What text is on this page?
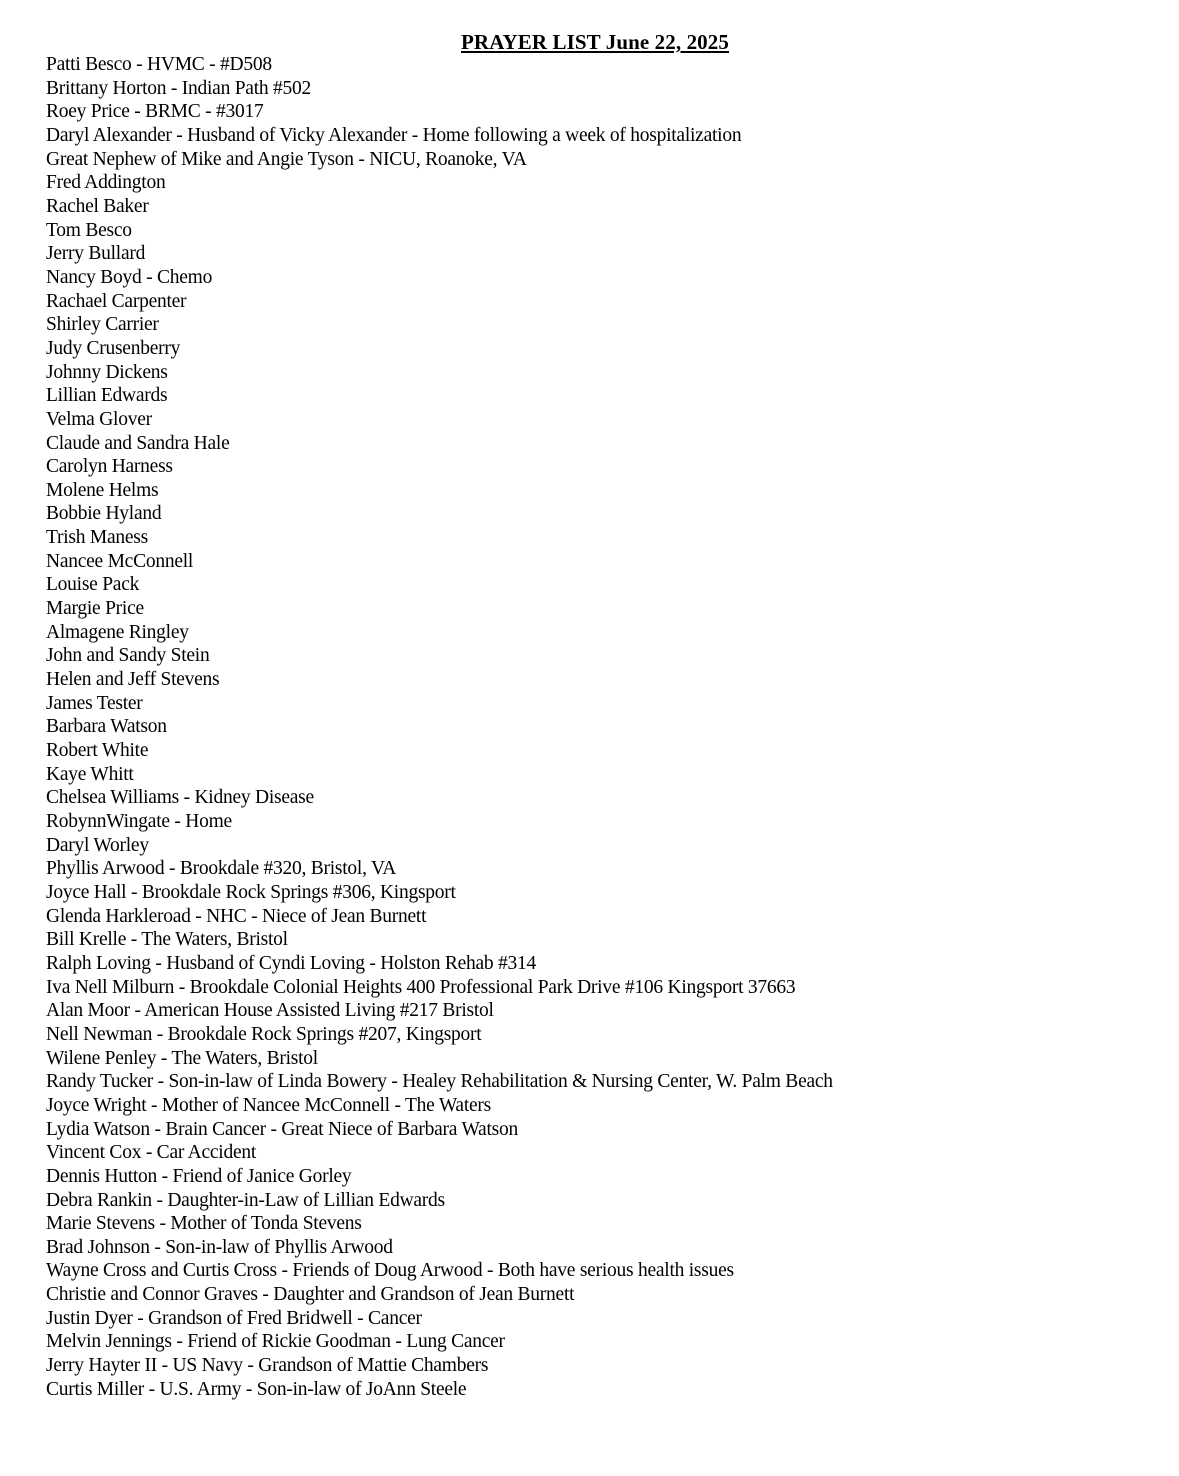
PRAYER LIST June 22, 2025
Patti Besco - HVMC - #D508
Brittany Horton - Indian Path #502
Roey Price - BRMC - #3017
Daryl Alexander - Husband of Vicky Alexander - Home following a week of hospitalization
Great Nephew of Mike and Angie Tyson - NICU, Roanoke, VA
Fred Addington
Rachel Baker
Tom Besco
Jerry Bullard
Nancy Boyd - Chemo
Rachael Carpenter
Shirley Carrier
Judy Crusenberry
Johnny Dickens
Lillian Edwards
Velma Glover
Claude and Sandra Hale
Carolyn Harness
Molene Helms
Bobbie Hyland
Trish Maness
Nancee McConnell
Louise Pack
Margie Price
Almagene Ringley
John and Sandy Stein
Helen and Jeff Stevens
James Tester
Barbara Watson
Robert White
Kaye Whitt
Chelsea Williams - Kidney Disease
RobynnWingate - Home
Daryl Worley
Phyllis Arwood - Brookdale #320, Bristol, VA
Joyce Hall - Brookdale Rock Springs #306, Kingsport
Glenda Harkleroad - NHC - Niece of Jean Burnett
Bill Krelle - The Waters, Bristol
Ralph Loving - Husband of Cyndi Loving - Holston Rehab #314
Iva Nell Milburn - Brookdale Colonial Heights 400 Professional Park Drive #106 Kingsport 37663
Alan Moor - American House Assisted Living #217 Bristol
Nell Newman - Brookdale Rock Springs #207, Kingsport
Wilene Penley - The Waters, Bristol
Randy Tucker - Son-in-law of Linda Bowery - Healey Rehabilitation & Nursing Center, W. Palm Beach
Joyce Wright - Mother of Nancee McConnell - The Waters
Lydia Watson - Brain Cancer - Great Niece of Barbara Watson
Vincent Cox - Car Accident
Dennis Hutton - Friend of Janice Gorley
Debra Rankin - Daughter-in-Law of Lillian Edwards
Marie Stevens - Mother of Tonda Stevens
Brad Johnson - Son-in-law of Phyllis Arwood
Wayne Cross and Curtis Cross - Friends of Doug Arwood - Both have serious health issues
Christie and Connor Graves - Daughter and Grandson of Jean Burnett
Justin Dyer - Grandson of Fred Bridwell - Cancer
Melvin Jennings - Friend of Rickie Goodman - Lung Cancer
Jerry Hayter II - US Navy - Grandson of Mattie Chambers
Curtis Miller - U.S. Army - Son-in-law of JoAnn Steele
